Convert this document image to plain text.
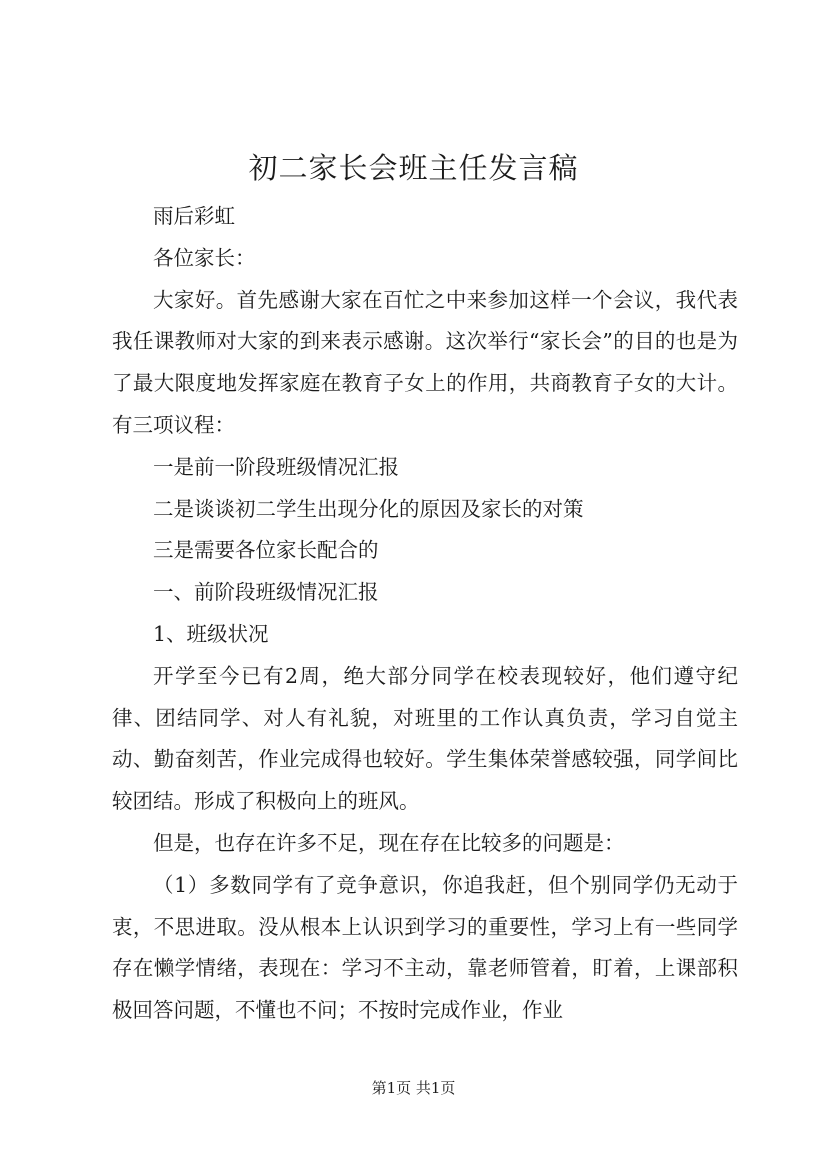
初二家长会班主任发言稿

雨后彩虹

各位家长：

大家好。首先感谢大家在百忙之中来参加这样一个会议，我代表我任课教师对大家的到来表示感谢。这次举行“家长会”的目的也是为了最大限度地发挥家庭在教育子女上的作用，共商教育子女的大计。有三项议程：

一是前一阶段班级情况汇报

二是谈谈初二学生出现分化的原因及家长的对策

三是需要各位家长配合的

一、前阶段班级情况汇报

1、班级状况

开学至今已有2周，绝大部分同学在校表现较好，他们遵守纪律、团结同学、对人有礼貌，对班里的工作认真负责，学习自觉主动、勤奋刻苦，作业完成得也较好。学生集体荣誉感较强，同学间比较团结。形成了积极向上的班风。

但是，也存在许多不足，现在存在比较多的问题是：

（1）多数同学有了竞争意识，你追我赶，但个别同学仍无动于衷，不思进取。没从根本上认识到学习的重要性，学习上有一些同学存在懒学情绪，表现在：学习不主动，靠老师管着，盯着，上课部积极回答问题，不懂也不问；不按时完成作业，作业

第1页 共1页
